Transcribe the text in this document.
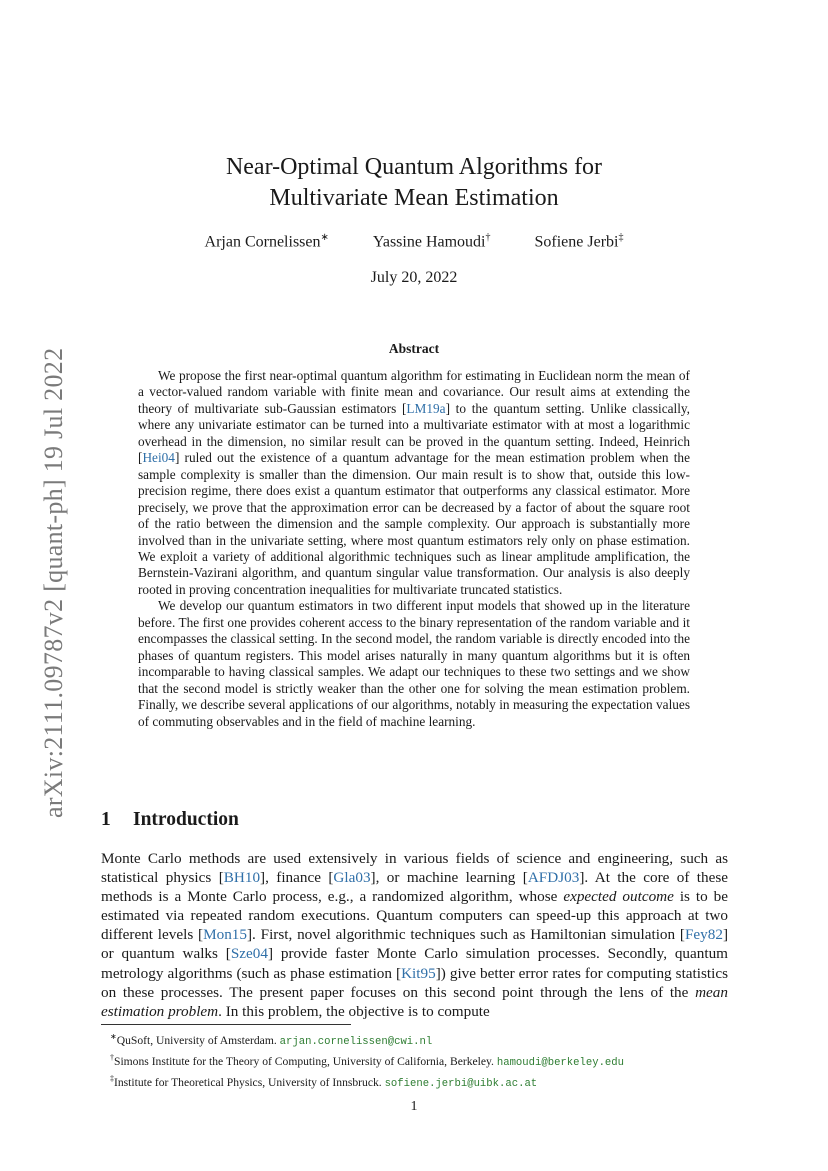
arXiv:2111.09787v2 [quant-ph] 19 Jul 2022
Near-Optimal Quantum Algorithms for
Multivariate Mean Estimation
Arjan Cornelissen∗	Yassine Hamoudi†	Sofiene Jerbi‡
July 20, 2022
Abstract

We propose the first near-optimal quantum algorithm for estimating in Euclidean norm the mean of a vector-valued random variable with finite mean and covariance. Our result aims at extending the theory of multivariate sub-Gaussian estimators [LM19a] to the quantum setting. Unlike classically, where any univariate estimator can be turned into a multivariate estimator with at most a logarithmic overhead in the dimension, no similar result can be proved in the quantum setting. Indeed, Heinrich [Hei04] ruled out the existence of a quantum advantage for the mean estimation problem when the sample complexity is smaller than the dimension. Our main result is to show that, outside this low-precision regime, there does exist a quantum estimator that outperforms any classical estimator. More precisely, we prove that the approximation error can be decreased by a factor of about the square root of the ratio between the dimension and the sample complexity. Our approach is substantially more involved than in the univariate setting, where most quantum estimators rely only on phase estimation. We exploit a variety of additional algorithmic techniques such as linear amplitude amplification, the Bernstein-Vazirani algorithm, and quantum singular value transformation. Our analysis is also deeply rooted in proving concentration inequalities for multivariate truncated statistics.

We develop our quantum estimators in two different input models that showed up in the literature before. The first one provides coherent access to the binary representation of the random variable and it encompasses the classical setting. In the second model, the random variable is directly encoded into the phases of quantum registers. This model arises naturally in many quantum algorithms but it is often incomparable to having classical samples. We adapt our techniques to these two settings and we show that the second model is strictly weaker than the other one for solving the mean estimation problem. Finally, we describe several applications of our algorithms, notably in measuring the expectation values of commuting observables and in the field of machine learning.

1 Introduction

Monte Carlo methods are used extensively in various fields of science and engineering, such as statistical physics [BH10], finance [Gla03], or machine learning [AFDJ03]. At the core of these methods is a Monte Carlo process, e.g., a randomized algorithm, whose expected outcome is to be estimated via repeated random executions. Quantum computers can speed-up this approach at two different levels [Mon15]. First, novel algorithmic techniques such as Hamiltonian simulation [Fey82] or quantum walks [Sze04] provide faster Monte Carlo simulation processes. Secondly, quantum metrology algorithms (such as phase estimation [Kit95]) give better error rates for computing statistics on these processes. The present paper focuses on this second point through the lens of the mean estimation problem. In this problem, the objective is to compute

∗QuSoft, University of Amsterdam. arjan.cornelissen@cwi.nl
†Simons Institute for the Theory of Computing, University of California, Berkeley. hamoudi@berkeley.edu
‡Institute for Theoretical Physics, University of Innsbruck. sofiene.jerbi@uibk.ac.at
1
